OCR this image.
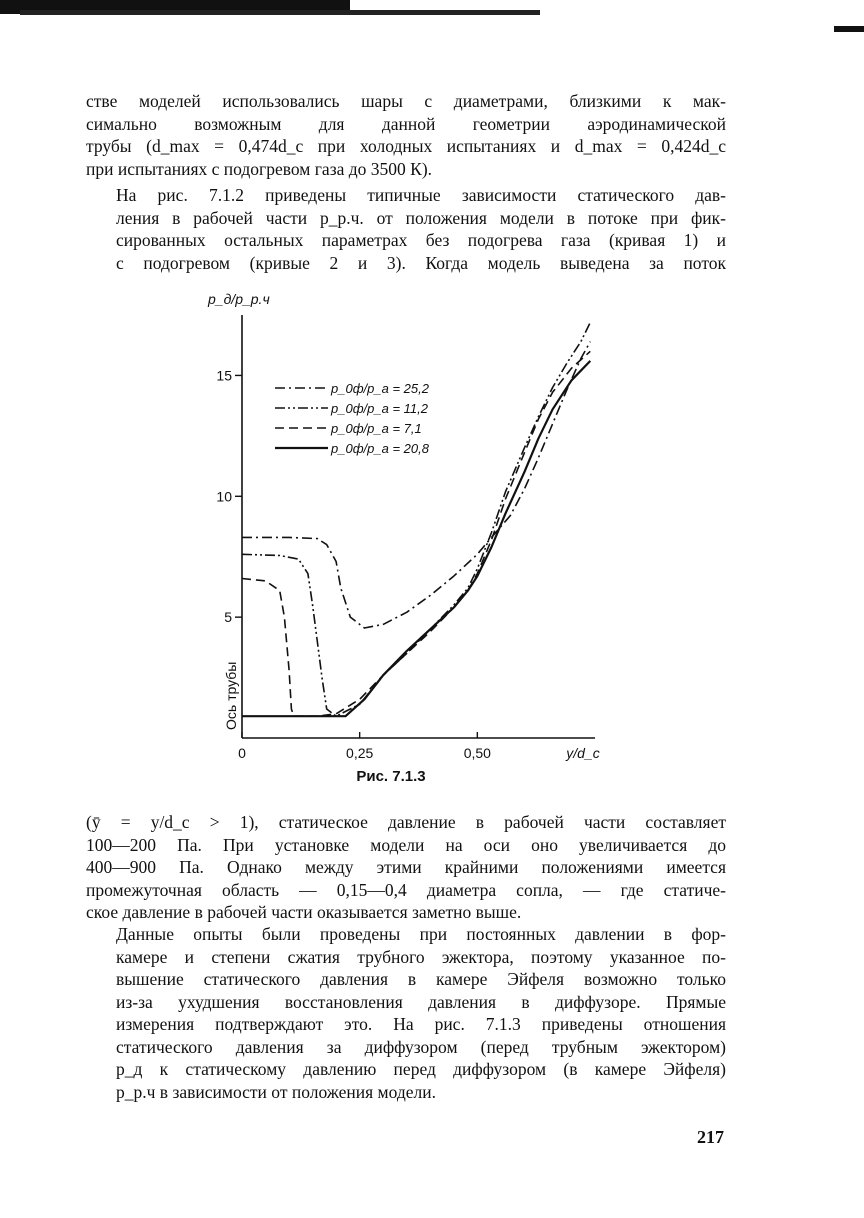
стве моделей использовались шары с диаметрами, близкими к мак-
симально возможным для данной геометрии аэродинамической
трубы (d_max = 0,474d_c при холодных испытаниях и d_max = 0,424d_c
при испытаниях с подогревом газа до 3500 К).

На рис. 7.1.2 приведены типичные зависимости статического дав-
ления в рабочей части p_р.ч. от положения модели в потоке при фик-
сированных остальных параметрах без подогрева газа (кривая 1) и
с подогревом (кривые 2 и 3). Когда модель выведена за поток

5
10
15
0	0,25	0,50	y/d_c
p_д/p_р.ч
Ось трубы
p_0ф/p_a = 25,2
p_0ф/p_a = 11,2
p_0ф/p_a = 7,1
p_0ф/p_a = 20,8
Рис. 7.1.3

(ȳ = y/d_c > 1), статическое давление в рабочей части составляет
100—200 Па. При установке модели на оси оно увеличивается до
400—900 Па. Однако между этими крайними положениями имеется
промежуточная область — 0,15—0,4 диаметра сопла, — где статиче-
ское давление в рабочей части оказывается заметно выше.

Данные опыты были проведены при постоянных давлении в фор-
камере и степени сжатия трубного эжектора, поэтому указанное по-
вышение статического давления в камере Эйфеля возможно только
из-за ухудшения восстановления давления в диффузоре. Прямые
измерения подтверждают это. На рис. 7.1.3 приведены отношения
статического давления за диффузором (перед трубным эжектором)
p_д к статическому давлению перед диффузором (в камере Эйфеля)
p_р.ч в зависимости от положения модели.

217
